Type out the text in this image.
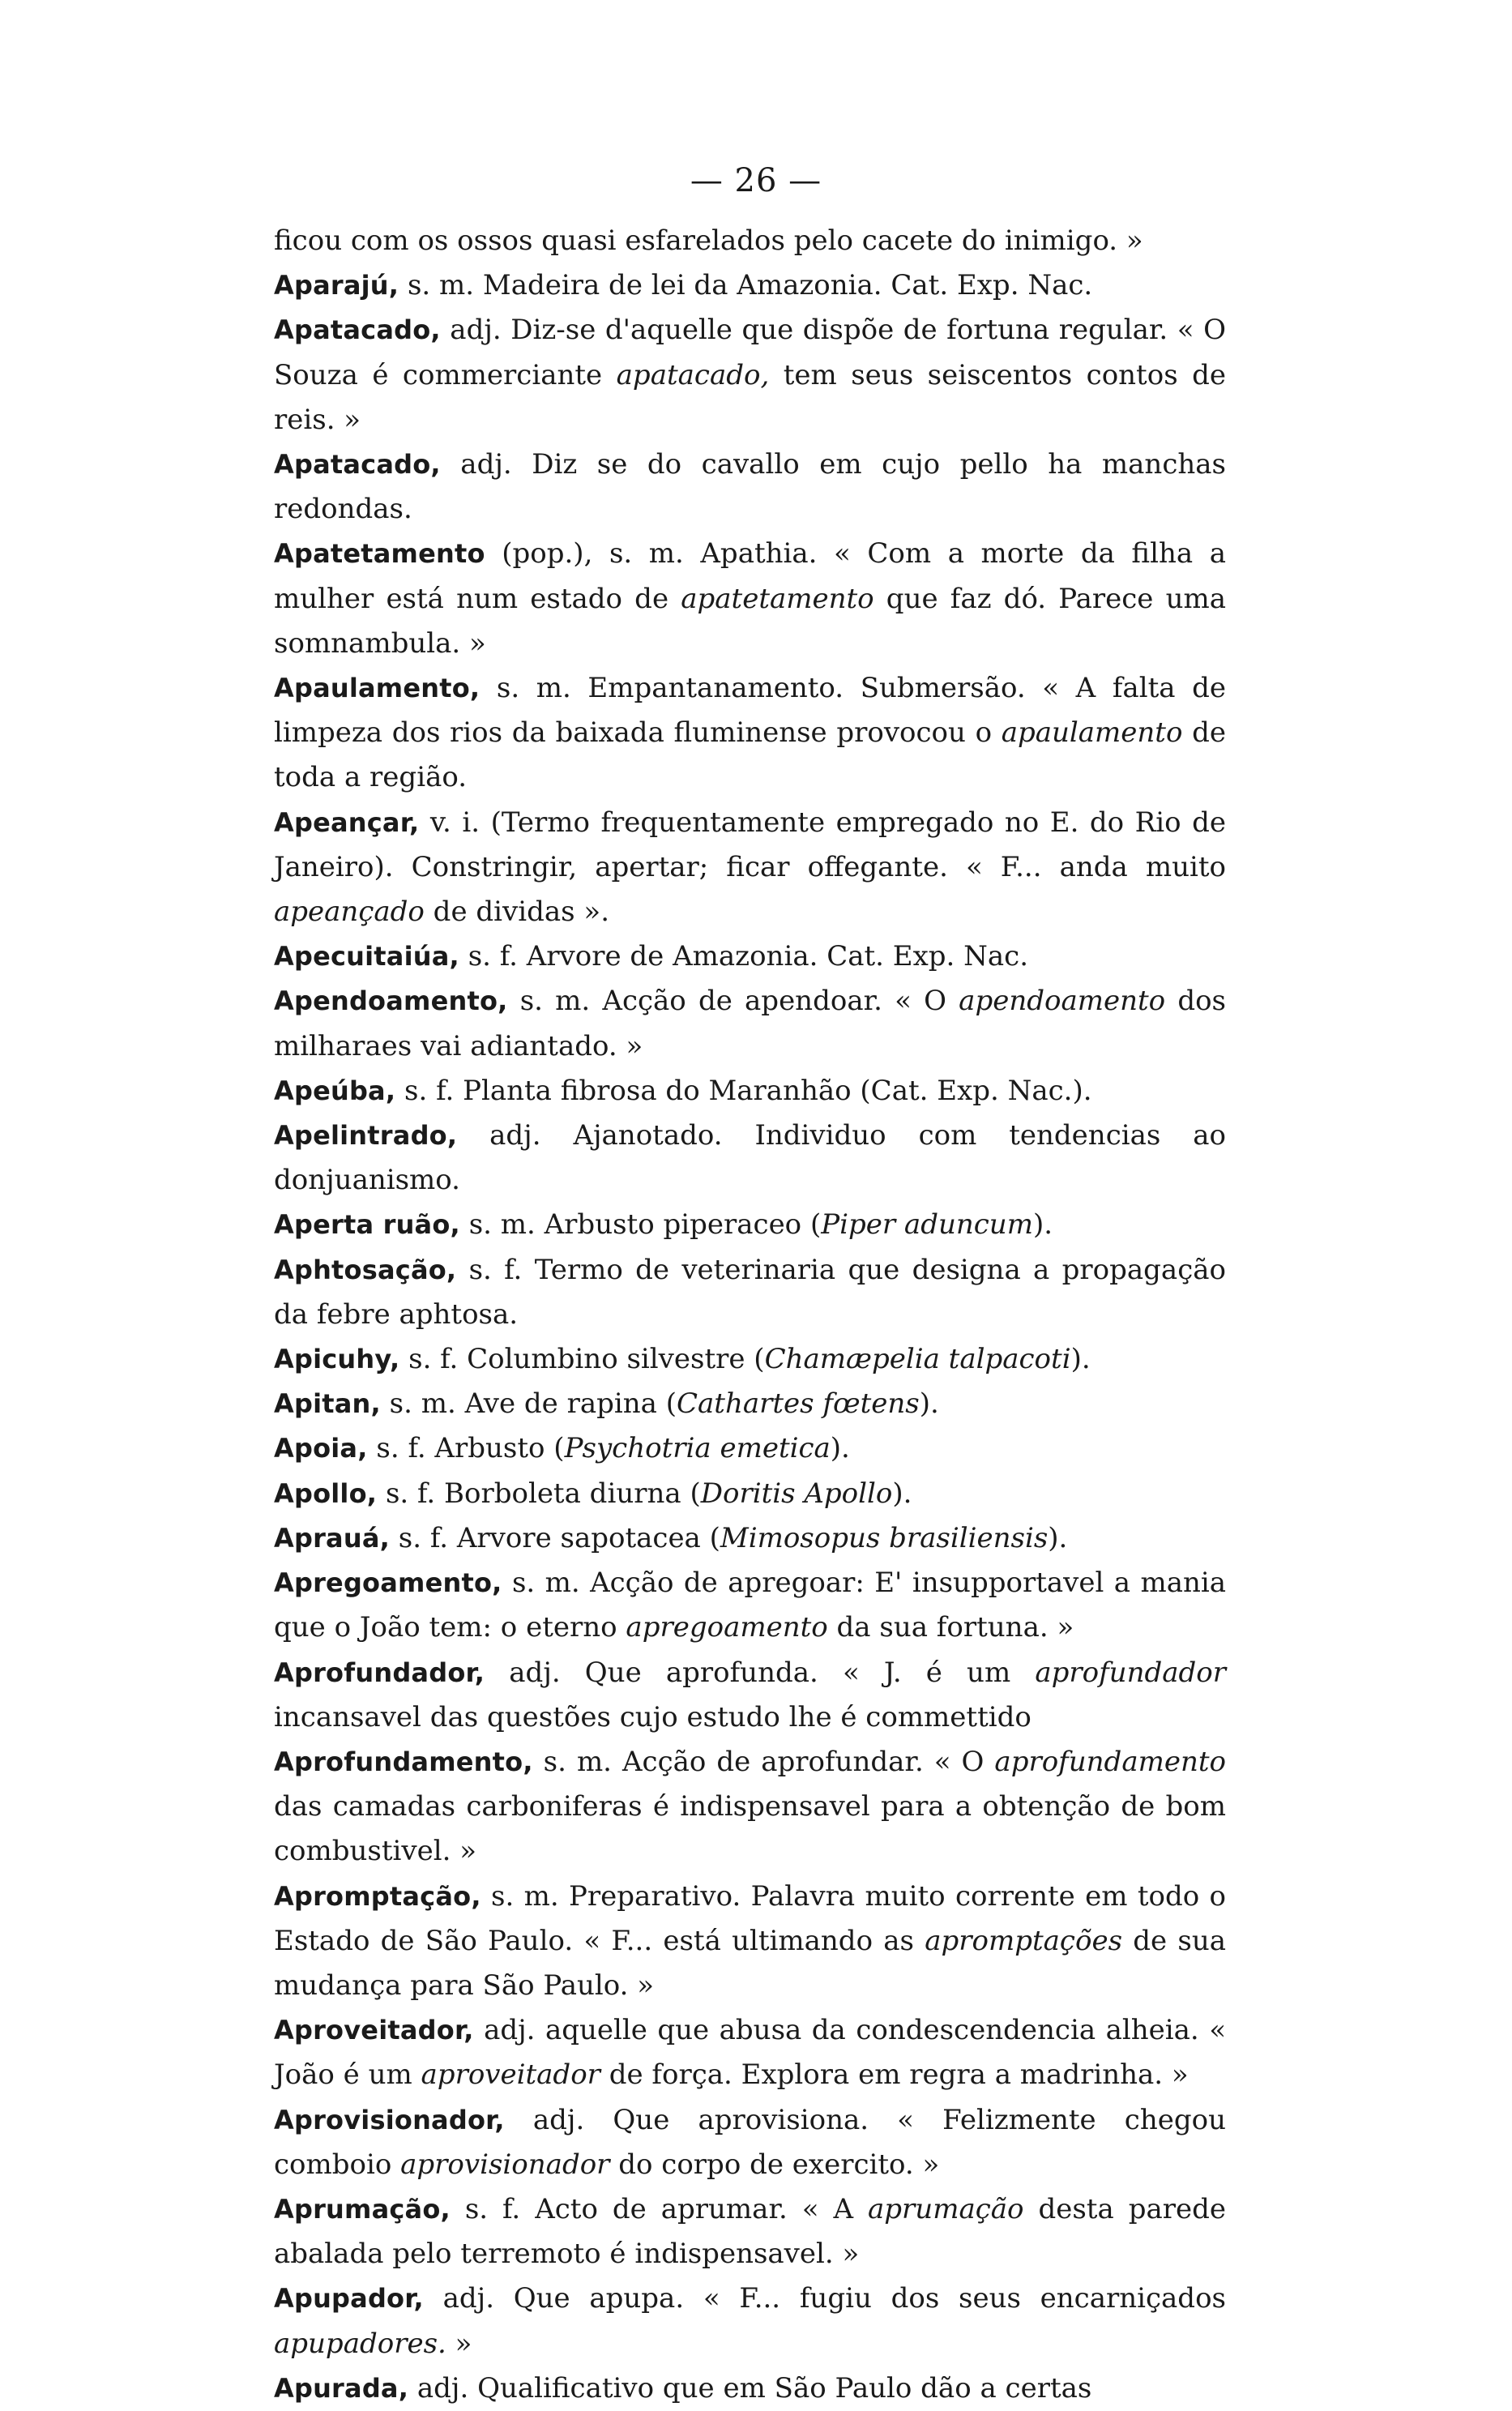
— 26 —

ficou com os ossos quasi esfarelados pelo cacete do inimigo. »

Aparajú, s. m. Madeira de lei da Amazonia. Cat. Exp. Nac.

Apatacado, adj. Diz-se d'aquelle que dispõe de fortuna regular. « O Souza é commerciante apatacado, tem seus seiscentos contos de reis. »

Apatacado, adj. Diz se do cavallo em cujo pello ha manchas redondas.

Apatetamento (pop.), s. m. Apathia. « Com a morte da filha a mulher está num estado de apatetamento que faz dó. Parece uma somnambula. »

Apaulamento, s. m. Empantanamento. Submersão. « A falta de limpeza dos rios da baixada fluminense provocou o apaulamento de toda a região.

Apeançar, v. i. (Termo frequentamente empregado no E. do Rio de Janeiro). Constringir, apertar; ficar offegante. « F... anda muito apeançado de dividas ».

Apecuitaiúa, s. f. Arvore de Amazonia. Cat. Exp. Nac.

Apendoamento, s. m. Acção de apendoar. « O apendoamento dos milharaes vai adiantado. »

Apeúba, s. f. Planta fibrosa do Maranhão (Cat. Exp. Nac.).

Apelintrado, adj. Ajanotado. Individuo com tendencias ao donjuanismo.

Aperta ruão, s. m. Arbusto piperaceo (Piper aduncum).

Aphtosação, s. f. Termo de veterinaria que designa a propagação da febre aphtosa.

Apicuhy, s. f. Columbino silvestre (Chamæpelia talpacoti).

Apitan, s. m. Ave de rapina (Cathartes fœtens).

Apoia, s. f. Arbusto (Psychotria emetica).

Apollo, s. f. Borboleta diurna (Doritis Apollo).

Aprauá, s. f. Arvore sapotacea (Mimosopus brasiliensis).

Apregoamento, s. m. Acção de apregoar: E' insupportavel a mania que o João tem: o eterno apregoamento da sua fortuna. »

Aprofundador, adj. Que aprofunda. « J. é um aprofundador incansavel das questões cujo estudo lhe é commettido

Aprofundamento, s. m. Acção de aprofundar. « O aprofundamento das camadas carboniferas é indispensavel para a obtenção de bom combustivel. »

Apromptação, s. m. Preparativo. Palavra muito corrente em todo o Estado de São Paulo. « F... está ultimando as apromptações de sua mudança para São Paulo. »

Aproveitador, adj. aquelle que abusa da condescendencia alheia. « João é um aproveitador de força. Explora em regra a madrinha. »

Aprovisionador, adj. Que aprovisiona. « Felizmente chegou comboio aprovisionador do corpo de exercito. »

Aprumação, s. f. Acto de aprumar. « A aprumação desta parede abalada pelo terremoto é indispensavel. »

Apupador, adj. Que apupa. « F... fugiu dos seus encarniçados apupadores. »

Apurada, adj. Qualificativo que em São Paulo dão a certas
